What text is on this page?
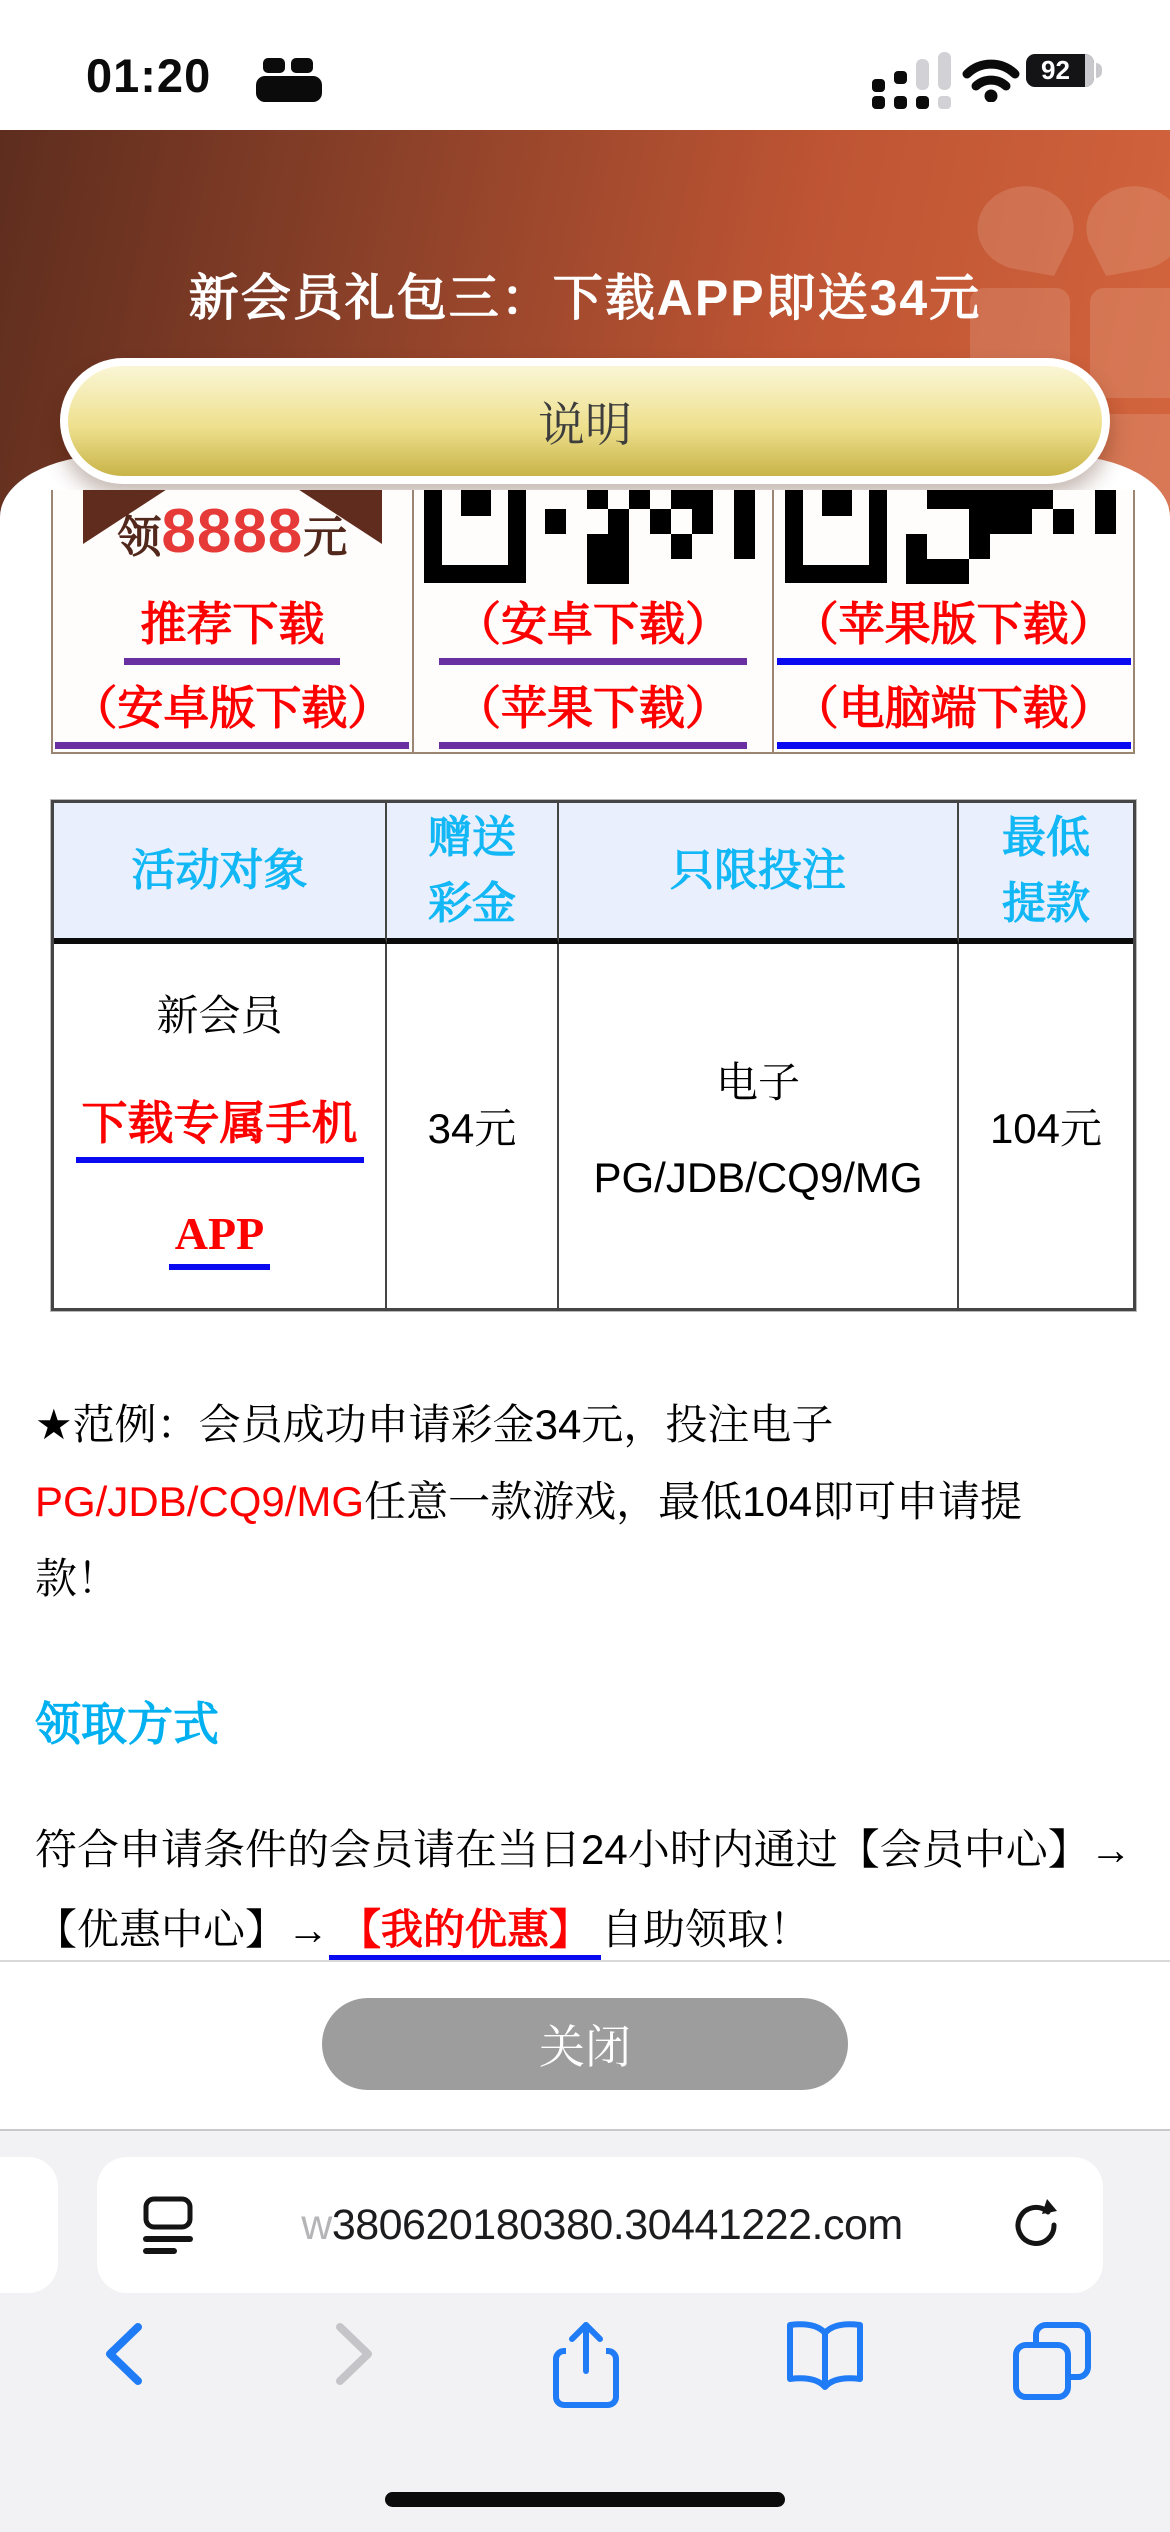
01:20	92
新会员礼包三：下载APP即送34元
说明
领8888元
推荐下载
（安卓版下载）
（安卓下载）
（苹果下载）
（苹果版下载）
（电脑端下载）
活动对象
赠送彩金
只限投注
最低提款
新会员
下载专属手机
APP
34元
电子
PG/JDB/CQ9/MG
104元
★范例：会员成功申请彩金34元，投注电子PG/JDB/CQ9/MG任意一款游戏，最低104即可申请提款！
领取方式
符合申请条件的会员请在当日24小时内通过【会员中心】→【优惠中心】→ 【我的优惠】 自助领取！
关闭
w380620180380.30441222.com
